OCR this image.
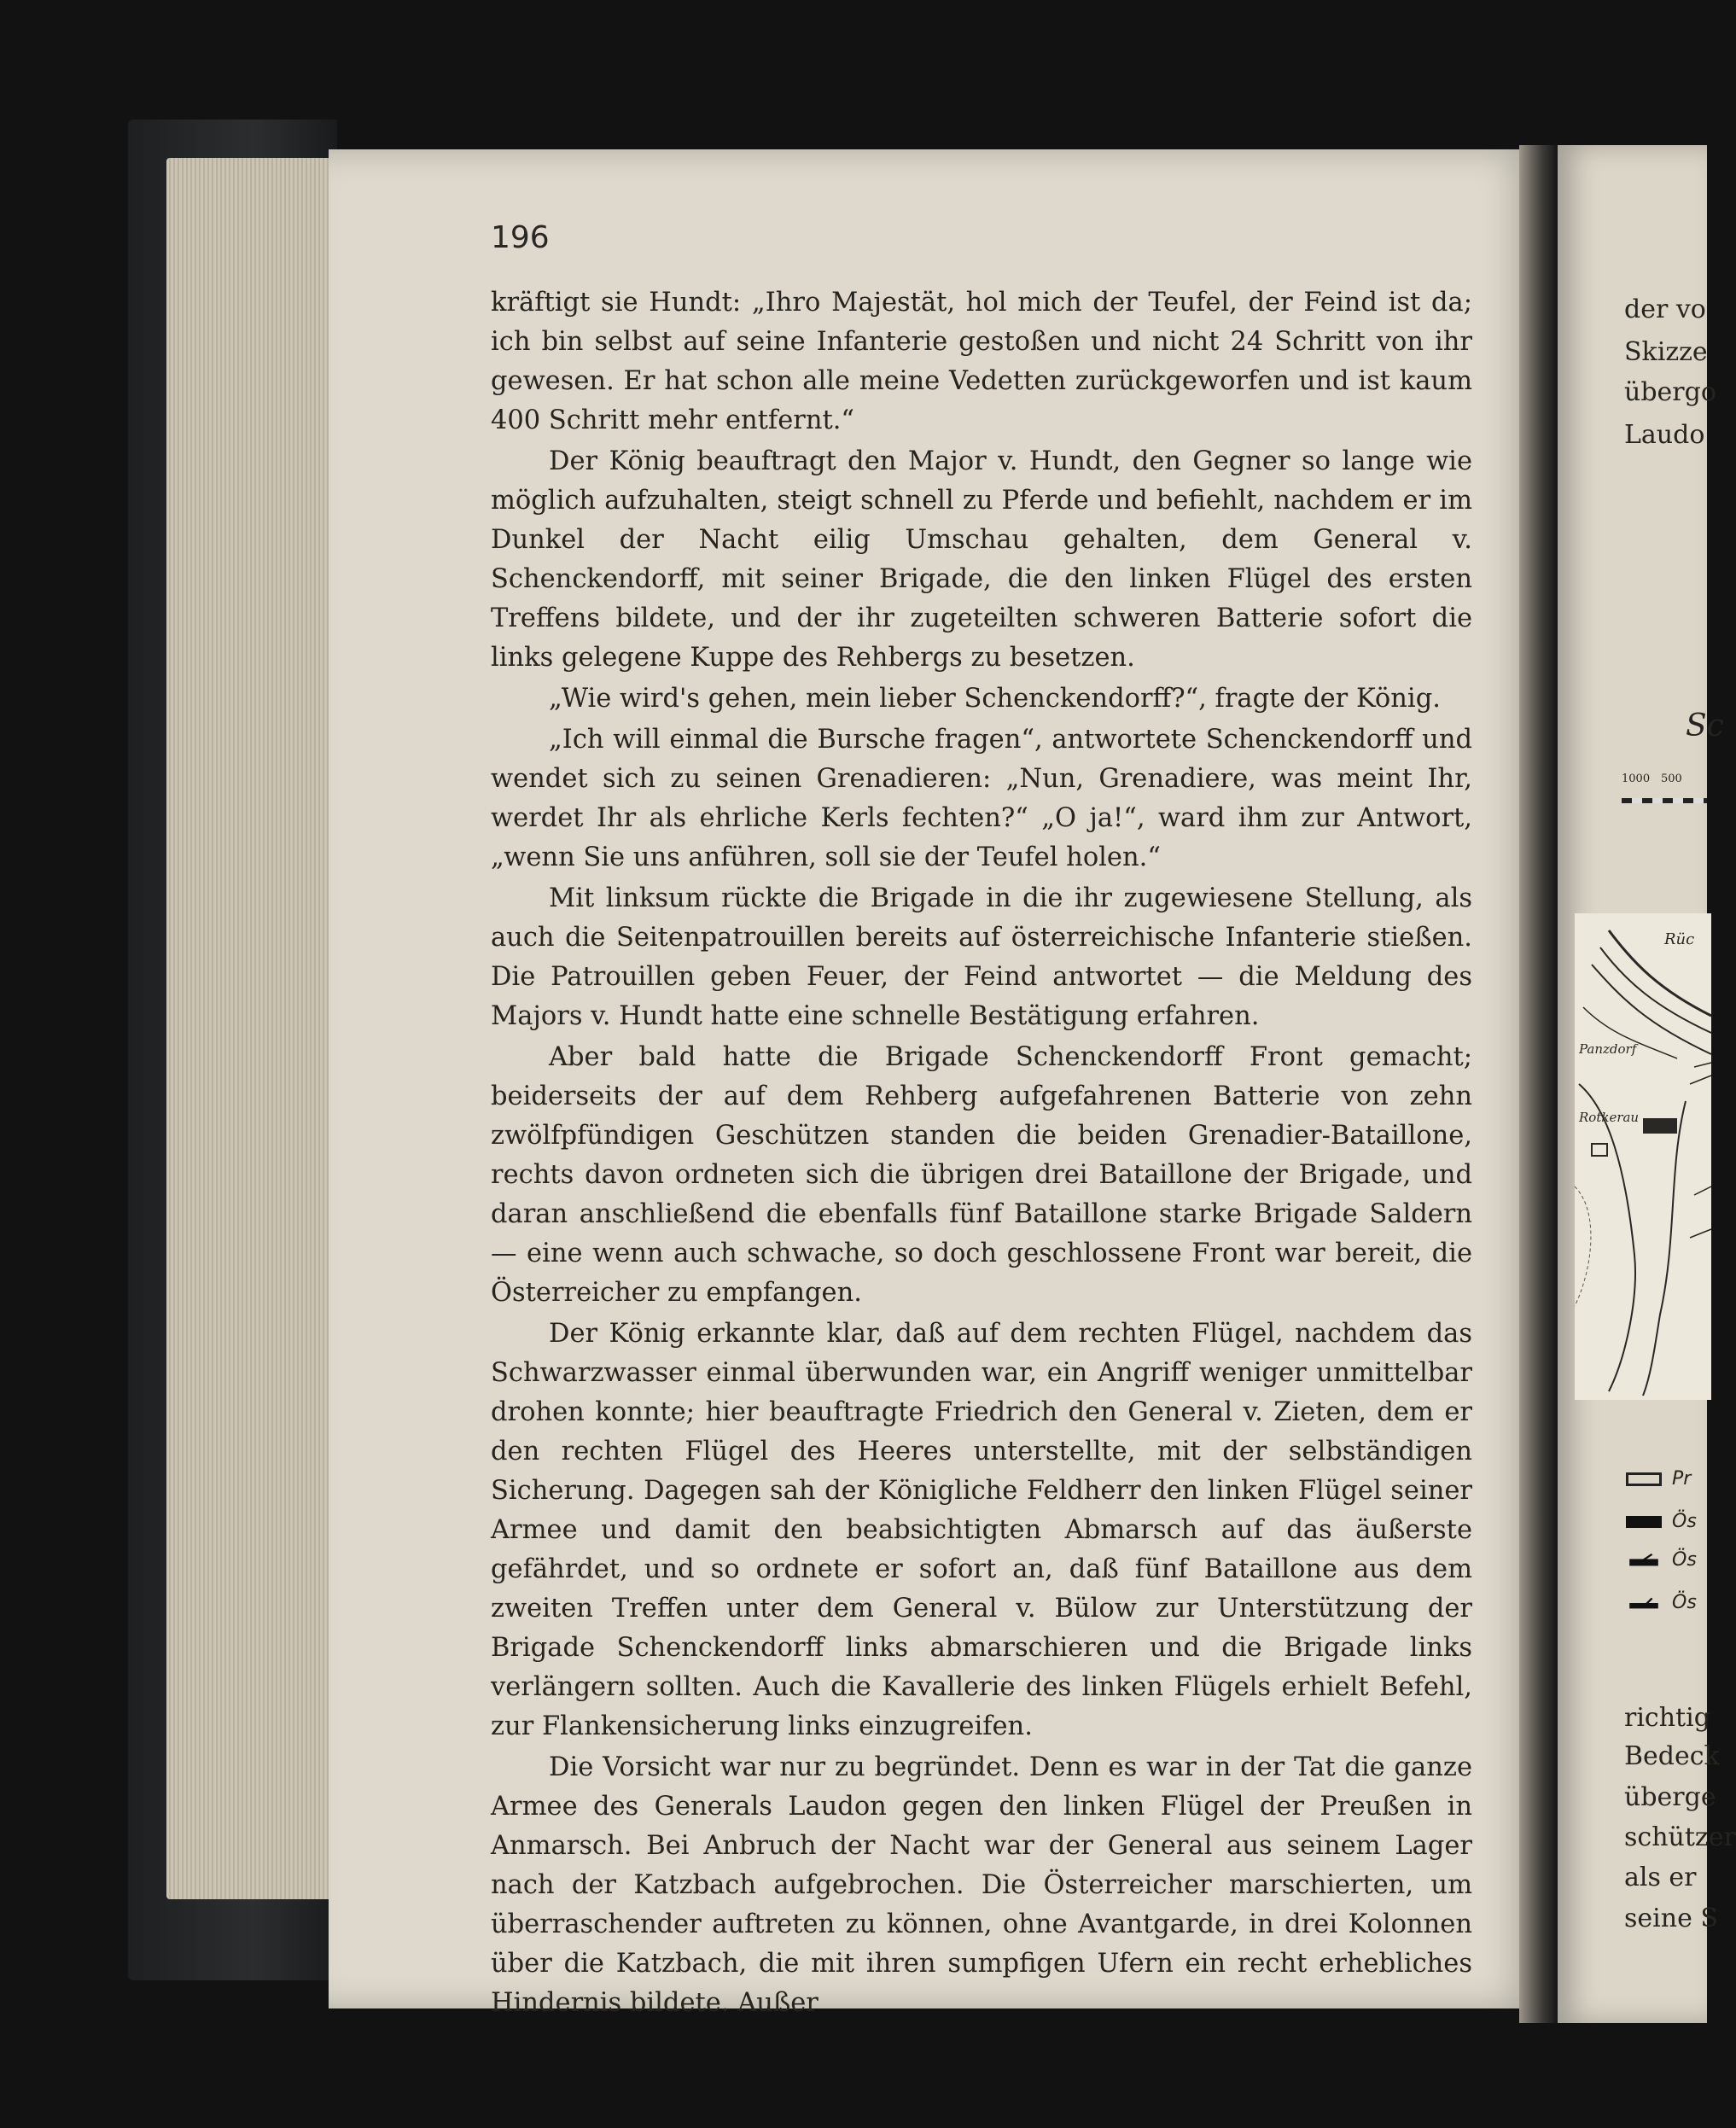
196

kräftigt sie Hundt: „Ihro Majestät, hol mich der Teufel, der Feind ist da; ich bin selbst auf seine Infanterie gestoßen und nicht 24 Schritt von ihr gewesen. Er hat schon alle meine Vedetten zurückgeworfen und ist kaum 400 Schritt mehr entfernt.“

Der König beauftragt den Major v. Hundt, den Gegner so lange wie möglich aufzuhalten, steigt schnell zu Pferde und befiehlt, nachdem er im Dunkel der Nacht eilig Umschau gehalten, dem General v. Schenckendorff, mit seiner Brigade, die den linken Flügel des ersten Treffens bildete, und der ihr zugeteilten schweren Batterie sofort die links gelegene Kuppe des Rehbergs zu besetzen.

„Wie wird's gehen, mein lieber Schenckendorff?“, fragte der König.

„Ich will einmal die Bursche fragen“, antwortete Schenckendorff und wendet sich zu seinen Grenadieren: „Nun, Grenadiere, was meint Ihr, werdet Ihr als ehrliche Kerls fechten?“ „O ja!“, ward ihm zur Antwort, „wenn Sie uns anführen, soll sie der Teufel holen.“

Mit linksum rückte die Brigade in die ihr zugewiesene Stellung, als auch die Seitenpatrouillen bereits auf österreichische Infanterie stießen. Die Patrouillen geben Feuer, der Feind antwortet — die Meldung des Majors v. Hundt hatte eine schnelle Bestätigung erfahren.

Aber bald hatte die Brigade Schenckendorff Front gemacht; beiderseits der auf dem Rehberg aufgefahrenen Batterie von zehn zwölfpfündigen Geschützen standen die beiden Grenadier-Bataillone, rechts davon ordneten sich die übrigen drei Bataillone der Brigade, und daran anschließend die ebenfalls fünf Bataillone starke Brigade Saldern — eine wenn auch schwache, so doch geschlossene Front war bereit, die Österreicher zu empfangen.

Der König erkannte klar, daß auf dem rechten Flügel, nachdem das Schwarzwasser einmal überwunden war, ein Angriff weniger unmittelbar drohen konnte; hier beauftragte Friedrich den General v. Zieten, dem er den rechten Flügel des Heeres unterstellte, mit der selbständigen Sicherung. Dagegen sah der Königliche Feldherr den linken Flügel seiner Armee und damit den beabsichtigten Abmarsch auf das äußerste gefährdet, und so ordnete er sofort an, daß fünf Bataillone aus dem zweiten Treffen unter dem General v. Bülow zur Unterstützung der Brigade Schenckendorff links abmarschieren und die Brigade links verlängern sollten. Auch die Kavallerie des linken Flügels erhielt Befehl, zur Flankensicherung links einzugreifen.

Die Vorsicht war nur zu begründet. Denn es war in der Tat die ganze Armee des Generals Laudon gegen den linken Flügel der Preußen in Anmarsch. Bei Anbruch der Nacht war der General aus seinem Lager nach der Katzbach aufgebrochen. Die Österreicher marschierten, um überraschender auftreten zu können, ohne Avantgarde, in drei Kolonnen über die Katzbach, die mit ihren sumpfigen Ufern ein recht erhebliches Hindernis bildete. Außer

der vo
Skizze
übergo
Laudo
Sc
1000 500
Rüc
Panzdorf
Rotkerau
Pr
Ös
Ös
Ös
richtig
Bedeck
überge
schützer
als er
seine S
